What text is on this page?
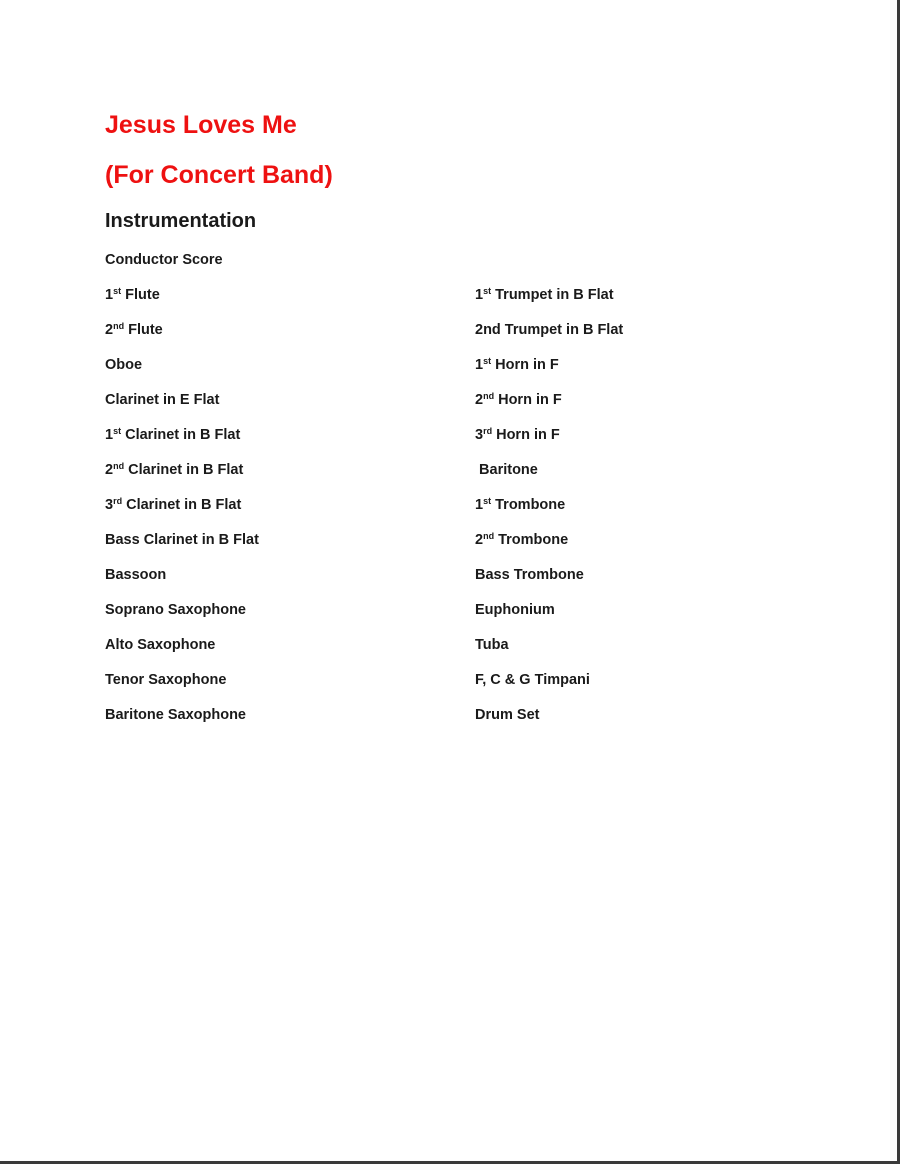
Jesus Loves Me
(For Concert Band)
Instrumentation
Conductor Score
1st Flute
2nd Flute
Oboe
Clarinet in E Flat
1st Clarinet in B Flat
2nd Clarinet in B Flat
3rd Clarinet in B Flat
Bass Clarinet in B Flat
Bassoon
Soprano Saxophone
Alto Saxophone
Tenor Saxophone
Baritone Saxophone
1st Trumpet in B Flat
2nd Trumpet in B Flat
1st Horn in F
2nd Horn in F
3rd Horn in F
Baritone
1st Trombone
2nd Trombone
Bass Trombone
Euphonium
Tuba
F, C & G Timpani
Drum Set
